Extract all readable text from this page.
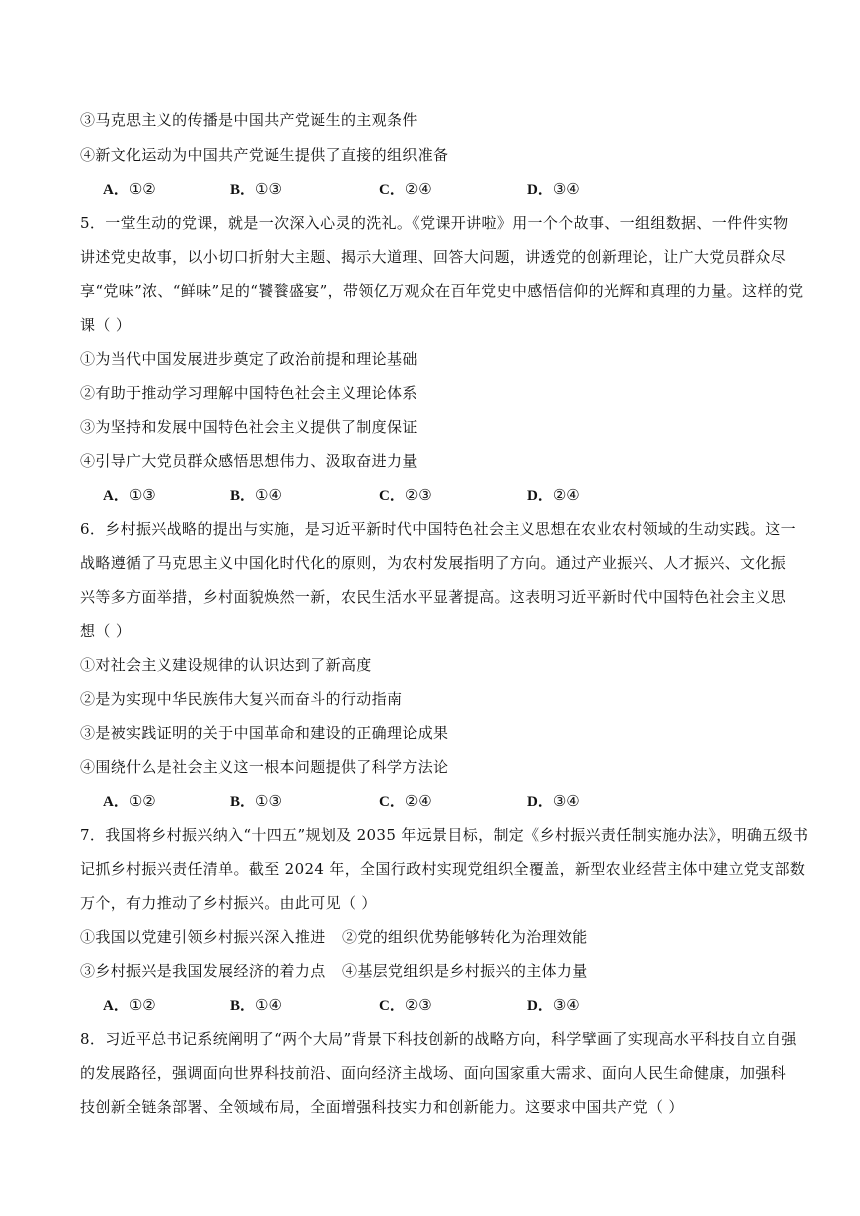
③马克思主义的传播是中国共产党诞生的主观条件
④新文化运动为中国共产党诞生提供了直接的组织准备
A．①②	B．①③	C．②④	D．③④
5．一堂生动的党课，就是一次深入心灵的洗礼。《党课开讲啦》用一个个故事、一组组数据、一件件实物
讲述党史故事，以小切口折射大主题、揭示大道理、回答大问题，讲透党的创新理论，让广大党员群众尽
享“党味”浓、“鲜味”足的“饕餮盛宴”，带领亿万观众在百年党史中感悟信仰的光辉和真理的力量。这样的党
课（ ）
①为当代中国发展进步奠定了政治前提和理论基础
②有助于推动学习理解中国特色社会主义理论体系
③为坚持和发展中国特色社会主义提供了制度保证
④引导广大党员群众感悟思想伟力、汲取奋进力量
A．①③	B．①④	C．②③	D．②④
6．乡村振兴战略的提出与实施，是习近平新时代中国特色社会主义思想在农业农村领域的生动实践。这一
战略遵循了马克思主义中国化时代化的原则，为农村发展指明了方向。通过产业振兴、人才振兴、文化振
兴等多方面举措，乡村面貌焕然一新，农民生活水平显著提高。这表明习近平新时代中国特色社会主义思
想（ ）
①对社会主义建设规律的认识达到了新高度
②是为实现中华民族伟大复兴而奋斗的行动指南
③是被实践证明的关于中国革命和建设的正确理论成果
④围绕什么是社会主义这一根本问题提供了科学方法论
A．①②	B．①③	C．②④	D．③④
7．我国将乡村振兴纳入“十四五”规划及 2035 年远景目标，制定《乡村振兴责任制实施办法》，明确五级书
记抓乡村振兴责任清单。截至 2024 年，全国行政村实现党组织全覆盖，新型农业经营主体中建立党支部数
万个，有力推动了乡村振兴。由此可见（ ）
①我国以党建引领乡村振兴深入推进 ②党的组织优势能够转化为治理效能
③乡村振兴是我国发展经济的着力点 ④基层党组织是乡村振兴的主体力量
A．①②	B．①④	C．②③	D．③④
8．习近平总书记系统阐明了“两个大局”背景下科技创新的战略方向，科学擘画了实现高水平科技自立自强
的发展路径，强调面向世界科技前沿、面向经济主战场、面向国家重大需求、面向人民生命健康，加强科
技创新全链条部署、全领域布局，全面增强科技实力和创新能力。这要求中国共产党（ ）
